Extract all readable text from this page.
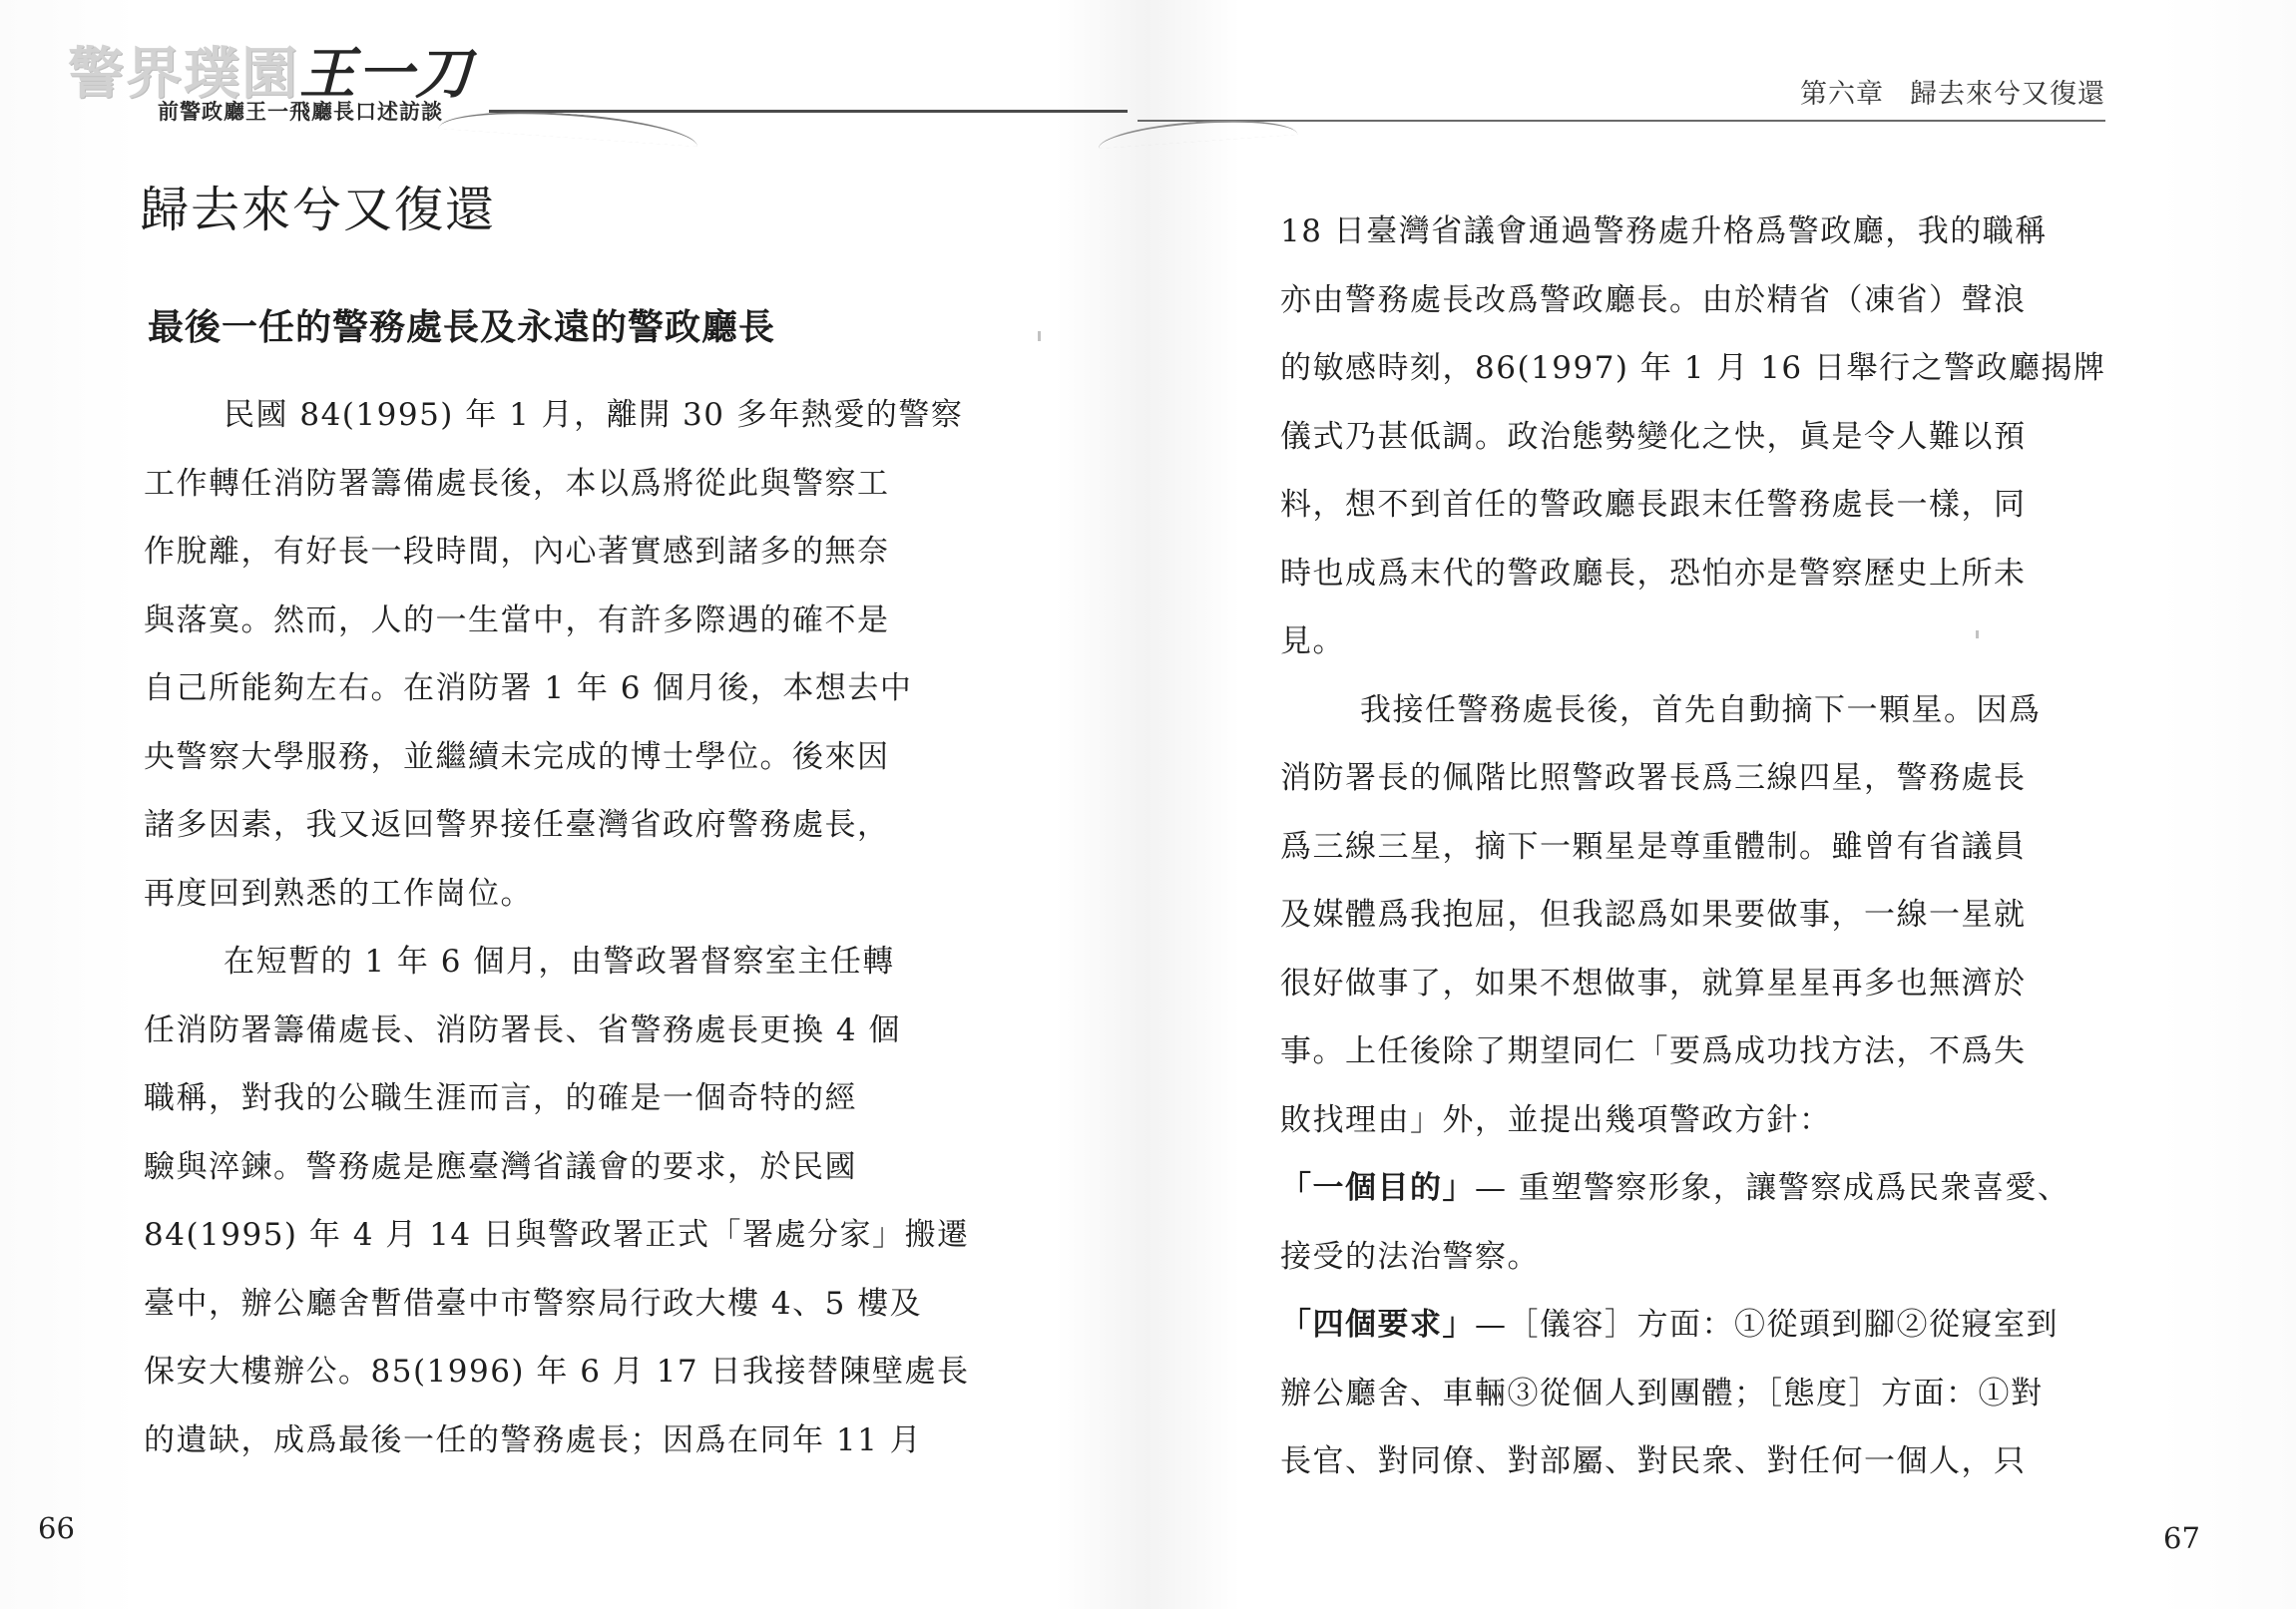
警界璞園王一刀
前警政廳王一飛廳長口述訪談
第六章 歸去來兮又復還
歸去來兮又復還
最後一任的警務處長及永遠的警政廳長

民國 84(1995) 年 1 月，離開 30 多年熱愛的警察

工作轉任消防署籌備處長後，本以爲將從此與警察工

作脫離，有好長一段時間，內心著實感到諸多的無奈

與落寞。然而，人的一生當中，有許多際遇的確不是

自己所能夠左右。在消防署 1 年 6 個月後，本想去中

央警察大學服務，並繼續未完成的博士學位。後來因

諸多因素，我又返回警界接任臺灣省政府警務處長，

再度回到熟悉的工作崗位。

在短暫的 1 年 6 個月，由警政署督察室主任轉

任消防署籌備處長、消防署長、省警務處長更換 4 個

職稱，對我的公職生涯而言，的確是一個奇特的經

驗與淬鍊。警務處是應臺灣省議會的要求，於民國

84(1995) 年 4 月 14 日與警政署正式「署處分家」搬遷

臺中，辦公廳舍暫借臺中市警察局行政大樓 4、5 樓及

保安大樓辦公。85(1996) 年 6 月 17 日我接替陳壁處長

的遺缺，成爲最後一任的警務處長；因爲在同年 11 月

18 日臺灣省議會通過警務處升格爲警政廳，我的職稱

亦由警務處長改爲警政廳長。由於精省（凍省）聲浪

的敏感時刻，86(1997) 年 1 月 16 日舉行之警政廳揭牌

儀式乃甚低調。政治態勢變化之快，眞是令人難以預

料，想不到首任的警政廳長跟末任警務處長一樣，同

時也成爲末代的警政廳長，恐怕亦是警察歷史上所未

見。

我接任警務處長後，首先自動摘下一顆星。因爲

消防署長的佩階比照警政署長爲三線四星，警務處長

爲三線三星，摘下一顆星是尊重體制。雖曾有省議員

及媒體爲我抱屈，但我認爲如果要做事，一線一星就

很好做事了，如果不想做事，就算星星再多也無濟於

事。上任後除了期望同仁「要爲成功找方法，不爲失

敗找理由」外，並提出幾項警政方針：

「一個目的」— 重塑警察形象，讓警察成爲民衆喜愛、

接受的法治警察。

「四個要求」—［儀容］方面：①從頭到腳②從寢室到

辦公廳舍、車輛③從個人到團體；［態度］方面：①對

長官、對同僚、對部屬、對民衆、對任何一個人，只

66	67
